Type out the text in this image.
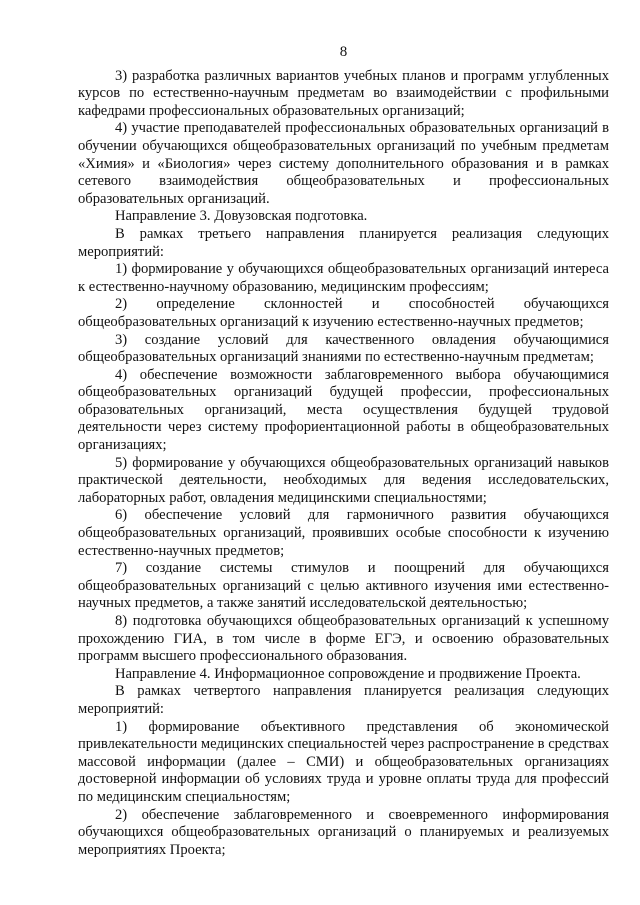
8

3) разработка различных вариантов учебных планов и программ углубленных курсов по естественно-научным предметам во взаимодействии с профильными кафедрами профессиональных образовательных организаций;

4) участие преподавателей профессиональных образовательных организаций в обучении обучающихся общеобразовательных организаций по учебным предметам «Химия» и «Биология» через систему дополнительного образования и в рамках сетевого взаимодействия общеобразовательных и профессиональных образовательных организаций.

Направление 3. Довузовская подготовка.

В рамках третьего направления планируется реализация следующих мероприятий:

1) формирование у обучающихся общеобразовательных организаций интереса к естественно-научному образованию, медицинским профессиям;

2) определение склонностей и способностей обучающихся общеобразовательных организаций к изучению естественно-научных предметов;

3) создание условий для качественного овладения обучающимися общеобразовательных организаций знаниями по естественно-научным предметам;

4) обеспечение возможности заблаговременного выбора обучающимися общеобразовательных организаций будущей профессии, профессиональных образовательных организаций, места осуществления будущей трудовой деятельности через систему профориентационной работы в общеобразовательных организациях;

5) формирование у обучающихся общеобразовательных организаций навыков практической деятельности, необходимых для ведения исследовательских, лабораторных работ, овладения медицинскими специальностями;

6) обеспечение условий для гармоничного развития обучающихся общеобразовательных организаций, проявивших особые способности к изучению естественно-научных предметов;

7) создание системы стимулов и поощрений для обучающихся общеобразовательных организаций с целью активного изучения ими естественно-научных предметов, а также занятий исследовательской деятельностью;

8) подготовка обучающихся общеобразовательных организаций к успешному прохождению ГИА, в том числе в форме ЕГЭ, и освоению образовательных программ высшего профессионального образования.

Направление 4. Информационное сопровождение и продвижение Проекта.

В рамках четвертого направления планируется реализация следующих мероприятий:

1) формирование объективного представления об экономической привлекательности медицинских специальностей через распространение в средствах массовой информации (далее – СМИ) и общеобразовательных организациях достоверной информации об условиях труда и уровне оплаты труда для профессий по медицинским специальностям;

2) обеспечение заблаговременного и своевременного информирования обучающихся общеобразовательных организаций о планируемых и реализуемых мероприятиях Проекта;
